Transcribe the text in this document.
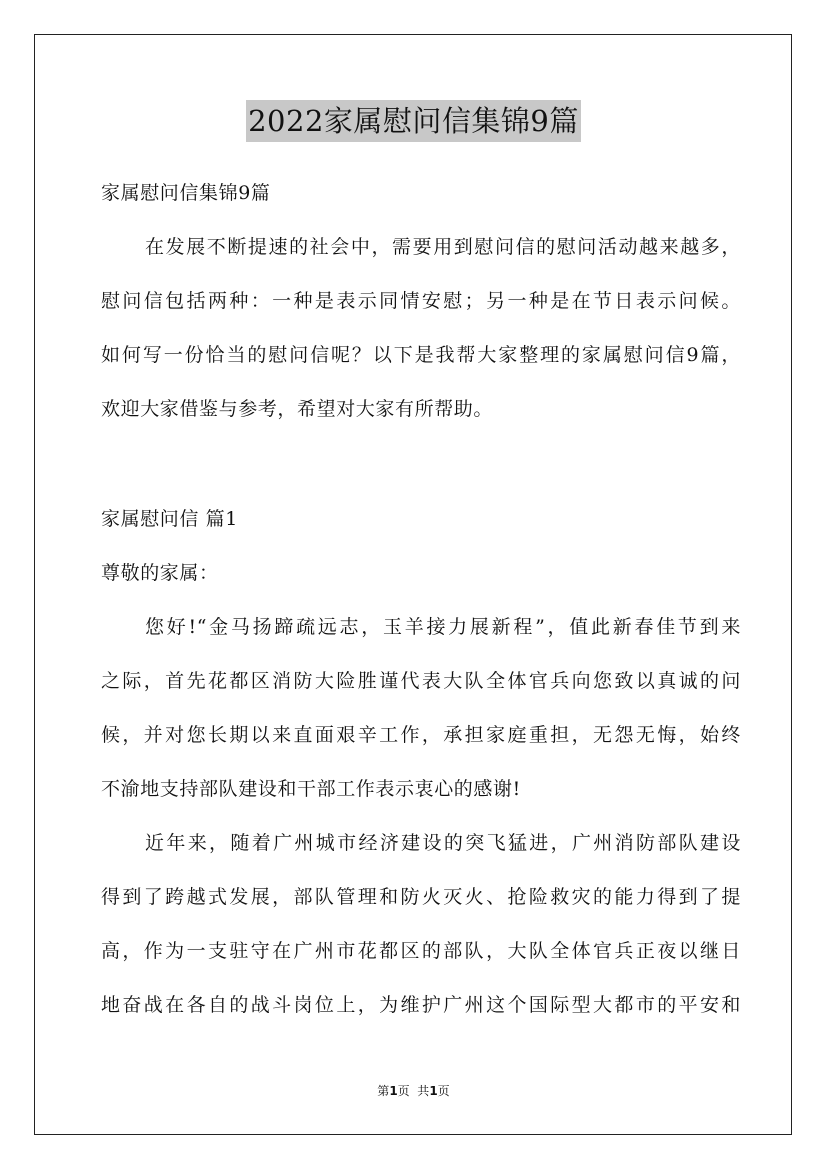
2022家属慰问信集锦9篇
家属慰问信集锦9篇
在发展不断提速的社会中，需要用到慰问信的慰问活动越来越多，
慰问信包括两种：一种是表示同情安慰；另一种是在节日表示问候。
如何写一份恰当的慰问信呢？以下是我帮大家整理的家属慰问信9篇，
欢迎大家借鉴与参考，希望对大家有所帮助。
家属慰问信 篇1
尊敬的家属：
您好!“金马扬蹄疏远志，玉羊接力展新程”，值此新春佳节到来
之际，首先花都区消防大险胜谨代表大队全体官兵向您致以真诚的问
候，并对您长期以来直面艰辛工作，承担家庭重担，无怨无悔，始终
不渝地支持部队建设和干部工作表示衷心的感谢!
近年来，随着广州城市经济建设的突飞猛进，广州消防部队建设
得到了跨越式发展，部队管理和防火灭火、抢险救灾的能力得到了提
高，作为一支驻守在广州市花都区的部队，大队全体官兵正夜以继日
地奋战在各自的战斗岗位上，为维护广州这个国际型大都市的平安和
第1页  共1页
